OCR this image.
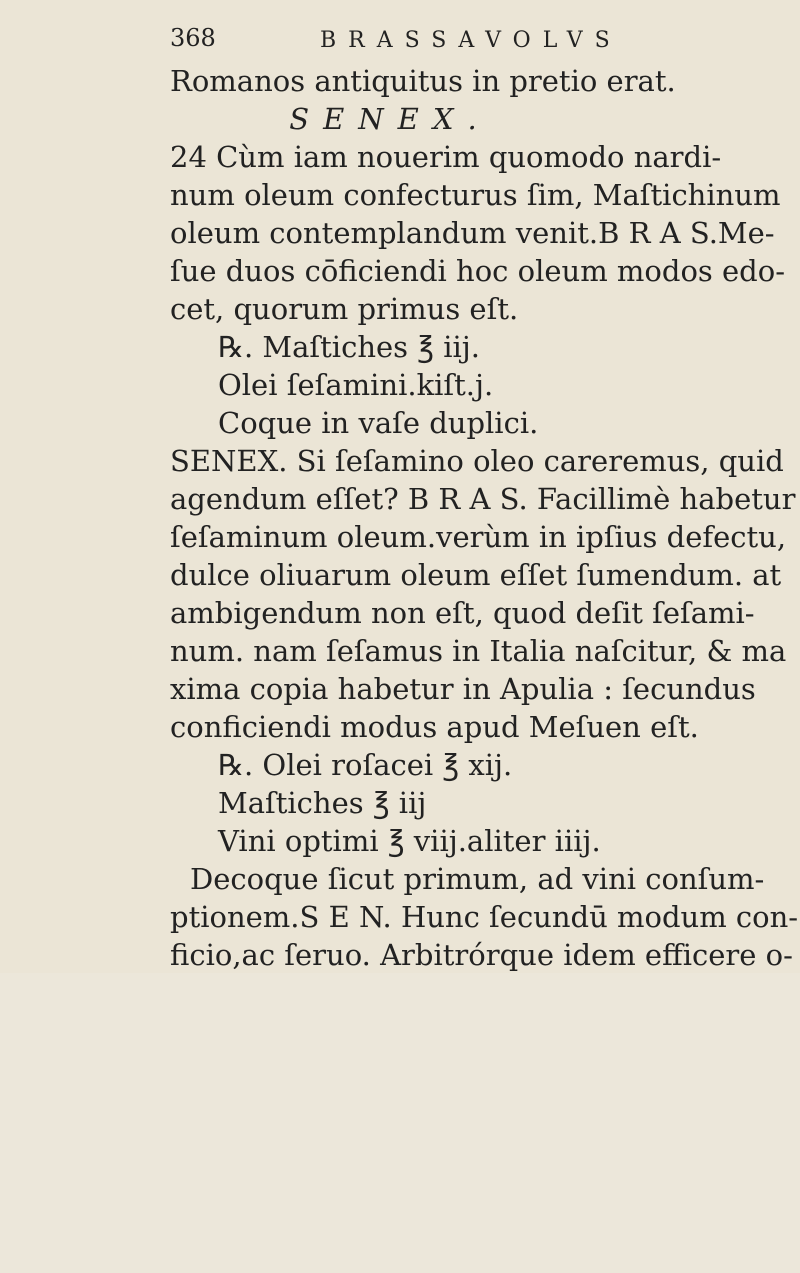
368	BRASSAVOLVS
Romanos antiquitus in pretio erat.
SENEX.
24 Cùm iam nouerim quomodo nardi-
num oleum confecturus ſim, Maſtichinum
oleum contemplandum venit.B R A S.Me-
ſue duos cōficiendi hoc oleum modos edo-
cet, quorum primus eſt.
℞. Maſtiches ℥ iij.
Olei ſeſamini.kiſt.j.
Coque in vaſe duplici.
SENEX. Si ſeſamino oleo careremus, quid
agendum eſſet? B R A S. Facillimè habetur
ſeſaminum oleum.verùm in ipſius defectu,
dulce oliuarum oleum eſſet ſumendum. at
ambigendum non eſt, quod deſit ſeſami-
num. nam ſeſamus in Italia naſcitur, & ma
xima copia habetur in Apulia : ſecundus
conficiendi modus apud Meſuen eſt.
℞. Olei roſacei ℥ xij.
Maſtiches ℥ iij
Vini optimi ℥ viij.aliter iiij.
Decoque ſicut primum, ad vini conſum-
ptionem.S E N. Hunc ſecundū modum con-
ficio,ac ſeruo. Arbitrórque idem efficere o-
